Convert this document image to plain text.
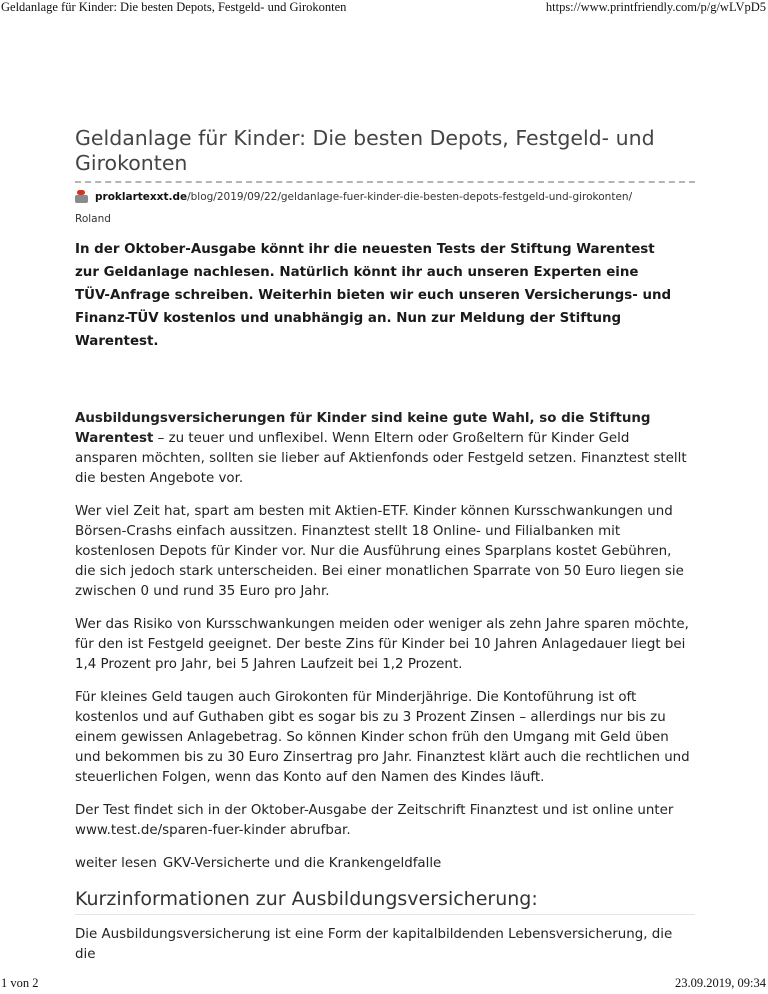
Geldanlage für Kinder: Die besten Depots, Festgeld- und Girokonten	https://www.printfriendly.com/p/g/wLVpD5
Geldanlage für Kinder: Die besten Depots, Festgeld- und Girokonten
proklartexxt.de/blog/2019/09/22/geldanlage-fuer-kinder-die-besten-depots-festgeld-und-girokonten/
Roland
In der Oktober-Ausgabe könnt ihr die neuesten Tests der Stiftung Warentest zur Geldanlage nachlesen. Natürlich könnt ihr auch unseren Experten eine TÜV-Anfrage schreiben. Weiterhin bieten wir euch unseren Versicherungs- und Finanz-TÜV kostenlos und unabhängig an. Nun zur Meldung der Stiftung Warentest.

Ausbildungsversicherungen für Kinder sind keine gute Wahl, so die Stiftung Warentest – zu teuer und unflexibel. Wenn Eltern oder Großeltern für Kinder Geld ansparen möchten, sollten sie lieber auf Aktienfonds oder Festgeld setzen. Finanztest stellt die besten Angebote vor.

Wer viel Zeit hat, spart am besten mit Aktien-ETF. Kinder können Kursschwankungen und Börsen-Crashs einfach aussitzen. Finanztest stellt 18 Online- und Filialbanken mit kostenlosen Depots für Kinder vor. Nur die Ausführung eines Sparplans kostet Gebühren, die sich jedoch stark unterscheiden. Bei einer monatlichen Sparrate von 50 Euro liegen sie zwischen 0 und rund 35 Euro pro Jahr.

Wer das Risiko von Kursschwankungen meiden oder weniger als zehn Jahre sparen möchte, für den ist Festgeld geeignet. Der beste Zins für Kinder bei 10 Jahren Anlagedauer liegt bei 1,4 Prozent pro Jahr, bei 5 Jahren Laufzeit bei 1,2 Prozent.

Für kleines Geld taugen auch Girokonten für Minderjährige. Die Kontoführung ist oft kostenlos und auf Guthaben gibt es sogar bis zu 3 Prozent Zinsen – allerdings nur bis zu einem gewissen Anlagebetrag. So können Kinder schon früh den Umgang mit Geld üben und bekommen bis zu 30 Euro Zinsertrag pro Jahr. Finanztest klärt auch die rechtlichen und steuerlichen Folgen, wenn das Konto auf den Namen des Kindes läuft.

Der Test findet sich in der Oktober-Ausgabe der Zeitschrift Finanztest und ist online unter www.test.de/sparen-fuer-kinder abrufbar.

weiter lesen GKV-Versicherte und die Krankengeldfalle
Kurzinformationen zur Ausbildungsversicherung:

Die Ausbildungsversicherung ist eine Form der kapitalbildenden Lebensversicherung, die die

1 von 2	23.09.2019, 09:34
